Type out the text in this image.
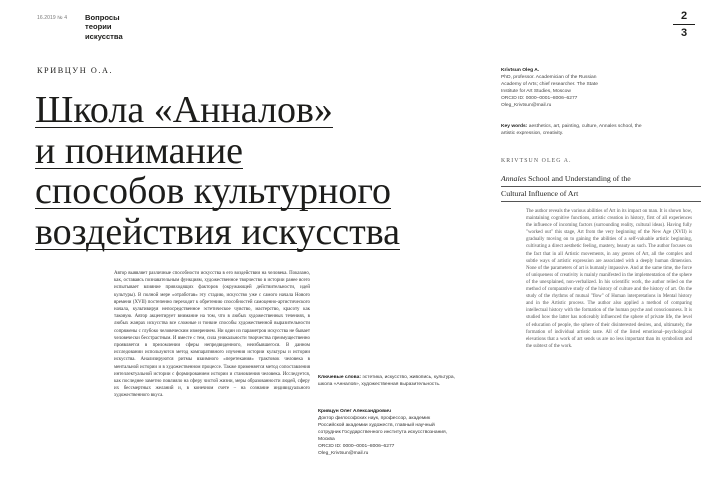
16.2019 № 4 Вопросы
теории
искусства
2
3
КРИВЦУН О.А.
Школа «Анналов»
и понимание
способов культурного
воздействия искусства
Автор выявляет различные способности искусства в его воздействии на человека. Показано, как, оставаясь познавательным функциям, художественное творчество в истории ранее всего испытывает влияние привходящих факторов (окружающей действительности, идей культуры). В полной мере «отработав» эту стадию, искусство уже с самого начала Нового времени (XVII) постепенно переходит к обретению способностей самоценно-артистического начала, культивируя непосредственное эстетическое чувство, мастерство, красоту как таковую. Автор акцентирует внимание на том, что в любых художественных течениях, в любых жанрах искусства все сложные и тонкие способы художественной выразительности сопряжены с глубоко человеческим измерением. Ни один из параметров искусства не бывает человечески бесстрастным. И вместе с тем, сила уникальности творчества преимущественно проявляется в преломлении сферы непредвиденного, неизбывшегося. В данном исследовании используются метод компаративного изучения истории культуры и истории искусства. Анализируются ритмы взаимного «перетекания» трактовок человека в ментальной истории и в художественном процессе. Также применяется метод сопоставления интеллектуальной истории с формированием истории и становления человека. Исследуется, как последнее заметно повлияло на сферу чистой жизни, меры образованности людей, сферу их бессмертных желаний и, в конечном счете – на сознание индивидуального художественного вкуса.
Ключевые слова: эстетика, искусство, живопись, культура, школа «Анналов», художественная выразительность.
Кривцун Олег Александрович
Доктор философских наук, профессор, академик
Российской академии художеств, главный научный
сотрудник Государственного института искусствознания,
Москва
ORCID ID: 0000–0001–8006–6277
Oleg_Krivtsun@mail.ru
Krivtsun Oleg A.
PhD, professor. Academician of the Russian
Academy of Arts; chief researcher. The State
Institute for Art Studies, Moscow
ORCID ID: 0000–0001–8006–6277
Oleg_Krivtsun@mail.ru
Key words: aesthetics, art, painting, culture, Annales school, the artistic expression, creativity.
KRIVTSUN OLEG A.
Annales School and Understanding of the
Cultural Influence of Art
The author reveals the various abilities of Art in its impact on man. It is shown how, maintaining cognitive functions, artistic creation in history, first of all experiences the influence of incoming factors (surrounding reality, cultural ideas). Having fully "worked out" this stage, Art from the very beginning of the New Age (XVII) is gradually moving on to gaining the abilities of a self-valuable artistic beginning, cultivating a direct aesthetic feeling, mastery, beauty as such. The author focuses on the fact that in all Artistic movements, in any genres of Art, all the complex and subtle ways of artistic expression are associated with a deeply human dimension. None of the parameters of art is humanly impassive. And at the same time, the force of uniqueness of creativity is mainly manifested in the implementation of the sphere of the unexplained, non-verbalized. In his scientific work, the author relied on the method of comparative study of the history of culture and the history of art. On the study of the rhythms of mutual "flow" of Human interpretations in Mental history and in the Artistic process. The author also applied a method of comparing intellectual history with the formation of the human psyche and consciousness. It is studied how the latter has noticeably influenced the sphere of private life, the level of education of people, the sphere of their disinterested desires, and, ultimately, the formation of individual artistic taste. All of the listed emotional–psychological elevations that a work of art sends us are no less important than its symbolism and the subtext of the work.
